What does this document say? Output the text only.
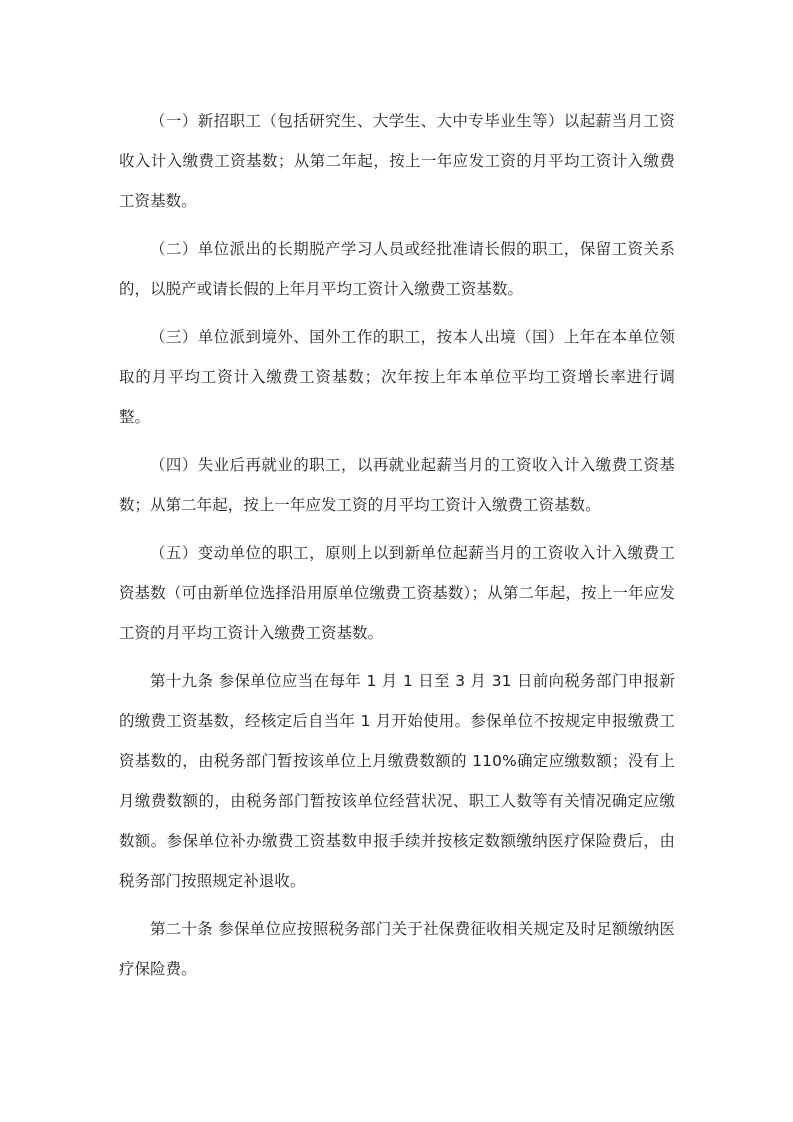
（一）新招职工（包括研究生、大学生、大中专毕业生等）以起薪当月工资收入计入缴费工资基数；从第二年起，按上一年应发工资的月平均工资计入缴费工资基数。

（二）单位派出的长期脱产学习人员或经批准请长假的职工，保留工资关系的，以脱产或请长假的上年月平均工资计入缴费工资基数。

（三）单位派到境外、国外工作的职工，按本人出境（国）上年在本单位领取的月平均工资计入缴费工资基数；次年按上年本单位平均工资增长率进行调整。

（四）失业后再就业的职工，以再就业起薪当月的工资收入计入缴费工资基数；从第二年起，按上一年应发工资的月平均工资计入缴费工资基数。

（五）变动单位的职工，原则上以到新单位起薪当月的工资收入计入缴费工资基数（可由新单位选择沿用原单位缴费工资基数）；从第二年起，按上一年应发工资的月平均工资计入缴费工资基数。

第十九条 参保单位应当在每年 1 月 1 日至 3 月 31 日前向税务部门申报新的缴费工资基数，经核定后自当年 1 月开始使用。参保单位不按规定申报缴费工资基数的，由税务部门暂按该单位上月缴费数额的 110%确定应缴数额；没有上月缴费数额的，由税务部门暂按该单位经营状况、职工人数等有关情况确定应缴数额。参保单位补办缴费工资基数申报手续并按核定数额缴纳医疗保险费后，由税务部门按照规定补退收。

第二十条 参保单位应按照税务部门关于社保费征收相关规定及时足额缴纳医疗保险费。
